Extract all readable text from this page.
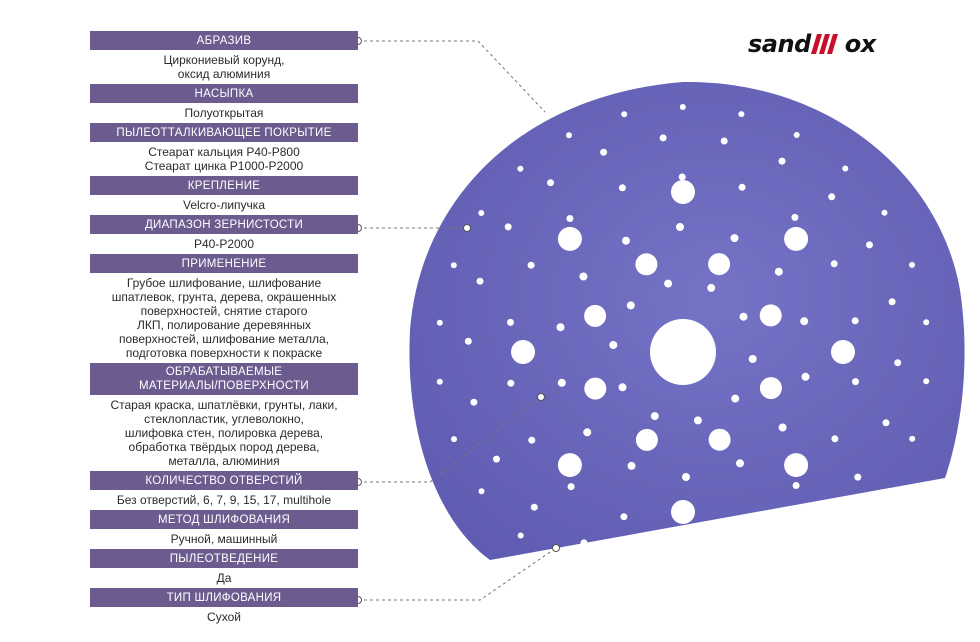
sand ox
АБРАЗИВ
Циркониевый корунд,
оксид алюминия
НАСЫПКА
Полуоткрытая
ПЫЛЕОТТАЛКИВАЮЩЕЕ ПОКРЫТИЕ
Стеарат кальция P40-P800
Стеарат цинка P1000-P2000
КРЕПЛЕНИЕ
Velcro-липучка
ДИАПАЗОН ЗЕРНИСТОСТИ
P40-P2000
ПРИМЕНЕНИЕ
Грубое шлифование, шлифование
шпатлевок, грунта, дерева, окрашенных
поверхностей, снятие старого
ЛКП, полирование деревянных
поверхностей, шлифование металла,
подготовка поверхности к покраске
ОБРАБАТЫВАЕМЫЕ
МАТЕРИАЛЫ/ПОВЕРХНОСТИ
Старая краска, шпатлёвки, грунты, лаки,
стеклопластик, углеволокно,
шлифовка стен, полировка дерева,
обработка твёрдых пород дерева,
металла, алюминия
КОЛИЧЕСТВО ОТВЕРСТИЙ
Без отверстий, 6, 7, 9, 15, 17, multihole
МЕТОД ШЛИФОВАНИЯ
Ручной, машинный
ПЫЛЕОТВЕДЕНИЕ
Да
ТИП ШЛИФОВАНИЯ
Сухой
